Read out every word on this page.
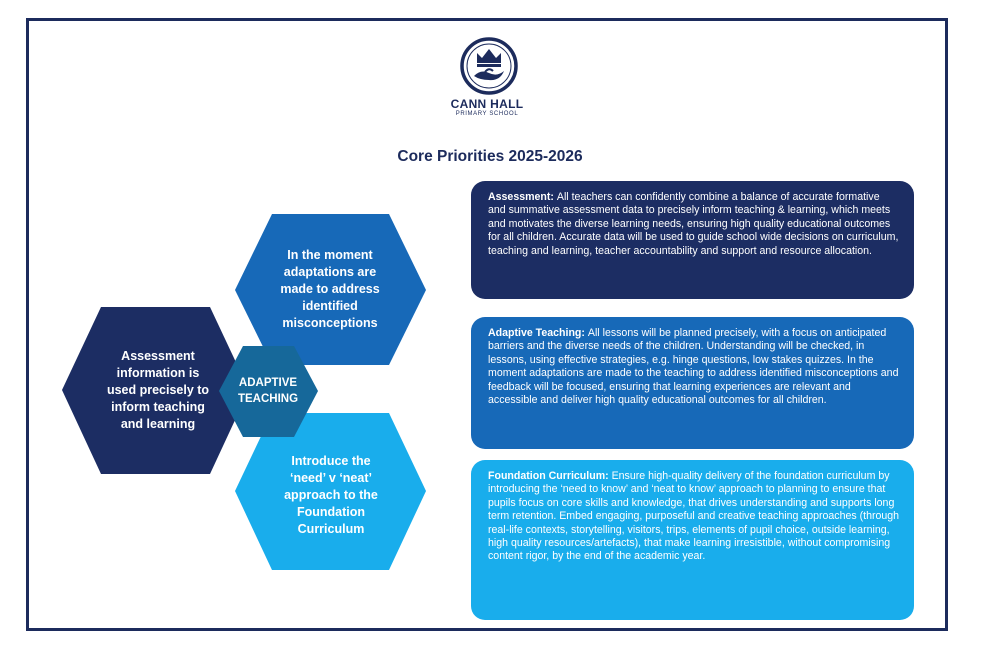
CANN HALL
PRIMARY SCHOOL
Core Priorities 2025-2026
In the moment adaptations are made to address identified misconceptions
Assessment information is used precisely to inform teaching and learning
Introduce the ‘need’ v ‘neat’ approach to the Foundation Curriculum
ADAPTIVE TEACHING
Assessment: All teachers can confidently combine a balance of accurate formative and summative assessment data to precisely inform teaching & learning, which meets and motivates the diverse learning needs, ensuring high quality educational outcomes for all children. Accurate data will be used to guide school wide decisions on curriculum, teaching and learning, teacher accountability and support and resource allocation.
Adaptive Teaching: All lessons will be planned precisely, with a focus on anticipated barriers and the diverse needs of the children. Understanding will be checked, in lessons, using effective strategies, e.g. hinge questions, low stakes quizzes. In the moment adaptations are made to the teaching to address identified misconceptions and feedback will be focused, ensuring that learning experiences are relevant and accessible and deliver high quality educational outcomes for all children.
Foundation Curriculum: Ensure high-quality delivery of the foundation curriculum by introducing the ‘need to know’ and ‘neat to know’ approach to planning to ensure that pupils focus on core skills and knowledge, that drives understanding and supports long term retention. Embed engaging, purposeful and creative teaching approaches (through real-life contexts, storytelling, visitors, trips, elements of pupil choice, outside learning, high quality resources/artefacts), that make learning irresistible, without compromising content rigor, by the end of the academic year.
